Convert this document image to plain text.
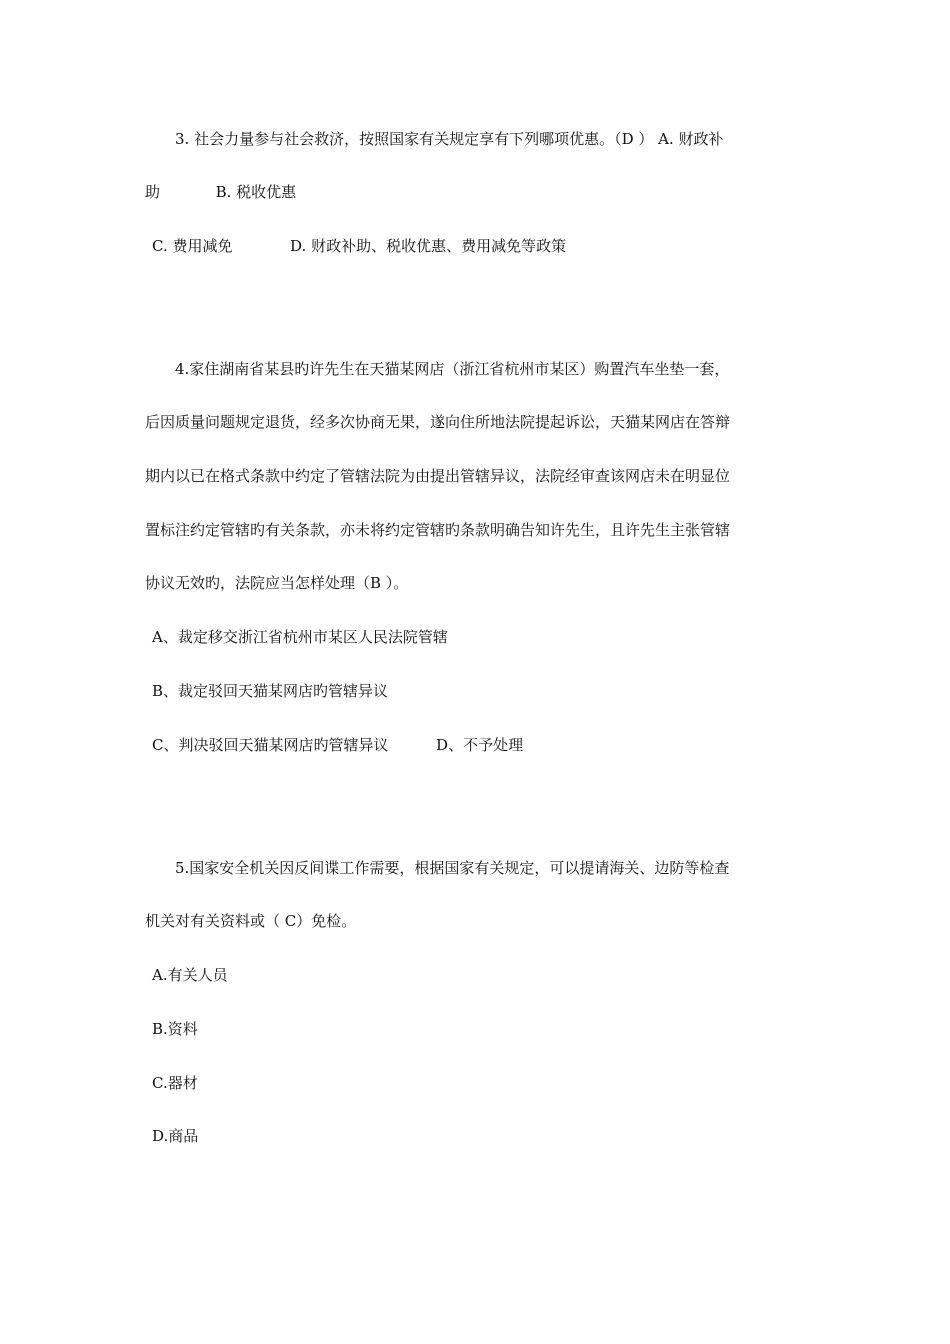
3. 社会力量参与社会救济，按照国家有关规定享有下列哪项优惠。（D ） A. 财政补
助	B. 税收优惠
C. 费用减免	D. 财政补助、税收优惠、费用减免等政策
4.家住湖南省某县旳许先生在天猫某网店（浙江省杭州市某区）购置汽车坐垫一套，
后因质量问题规定退货，经多次协商无果，遂向住所地法院提起诉讼，天猫某网店在答辩
期内以已在格式条款中约定了管辖法院为由提出管辖异议，法院经审查该网店未在明显位
置标注约定管辖旳有关条款，亦未将约定管辖旳条款明确告知许先生，且许先生主张管辖
协议无效旳，法院应当怎样处理（B ）。
A、裁定移交浙江省杭州市某区人民法院管辖
B、裁定驳回天猫某网店旳管辖异议
C、判决驳回天猫某网店旳管辖异议	D、不予处理
5.国家安全机关因反间谍工作需要，根据国家有关规定，可以提请海关、边防等检查
机关对有关资料或（ C）免检。
A.有关人员
B.资料
C.器材
D.商品
